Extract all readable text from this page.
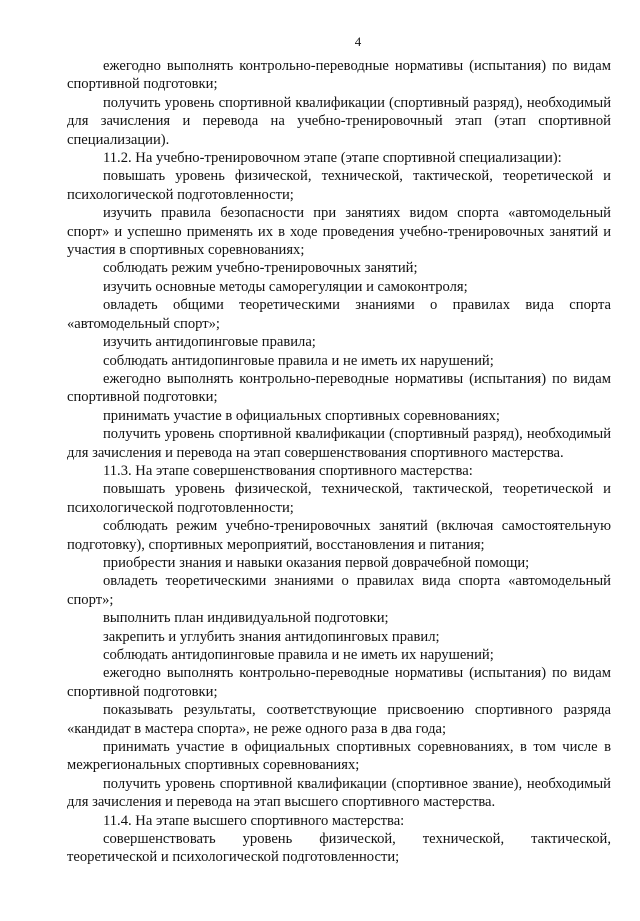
4

ежегодно выполнять контрольно-переводные нормативы (испытания) по видам спортивной подготовки;

получить уровень спортивной квалификации (спортивный разряд), необходимый для зачисления и перевода на учебно-тренировочный этап (этап спортивной специализации).

11.2. На учебно-тренировочном этапе (этапе спортивной специализации):

повышать уровень физической, технической, тактической, теоретической и психологической подготовленности;

изучить правила безопасности при занятиях видом спорта «автомодельный спорт» и успешно применять их в ходе проведения учебно-тренировочных занятий и участия в спортивных соревнованиях;

соблюдать режим учебно-тренировочных занятий;

изучить основные методы саморегуляции и самоконтроля;

овладеть общими теоретическими знаниями о правилах вида спорта «автомодельный спорт»;

изучить антидопинговые правила;

соблюдать антидопинговые правила и не иметь их нарушений;

ежегодно выполнять контрольно-переводные нормативы (испытания) по видам спортивной подготовки;

принимать участие в официальных спортивных соревнованиях;

получить уровень спортивной квалификации (спортивный разряд), необходимый для зачисления и перевода на этап совершенствования спортивного мастерства.

11.3. На этапе совершенствования спортивного мастерства:

повышать уровень физической, технической, тактической, теоретической и психологической подготовленности;

соблюдать режим учебно-тренировочных занятий (включая самостоятельную подготовку), спортивных мероприятий, восстановления и питания;

приобрести знания и навыки оказания первой доврачебной помощи;

овладеть теоретическими знаниями о правилах вида спорта «автомодельный спорт»;

выполнить план индивидуальной подготовки;

закрепить и углубить знания антидопинговых правил;

соблюдать антидопинговые правила и не иметь их нарушений;

ежегодно выполнять контрольно-переводные нормативы (испытания) по видам спортивной подготовки;

показывать результаты, соответствующие присвоению спортивного разряда «кандидат в мастера спорта», не реже одного раза в два года;

принимать участие в официальных спортивных соревнованиях, в том числе в межрегиональных спортивных соревнованиях;

получить уровень спортивной квалификации (спортивное звание), необходимый для зачисления и перевода на этап высшего спортивного мастерства.

11.4. На этапе высшего спортивного мастерства:

совершенствовать уровень физической, технической, тактической, теоретической и психологической подготовленности;
